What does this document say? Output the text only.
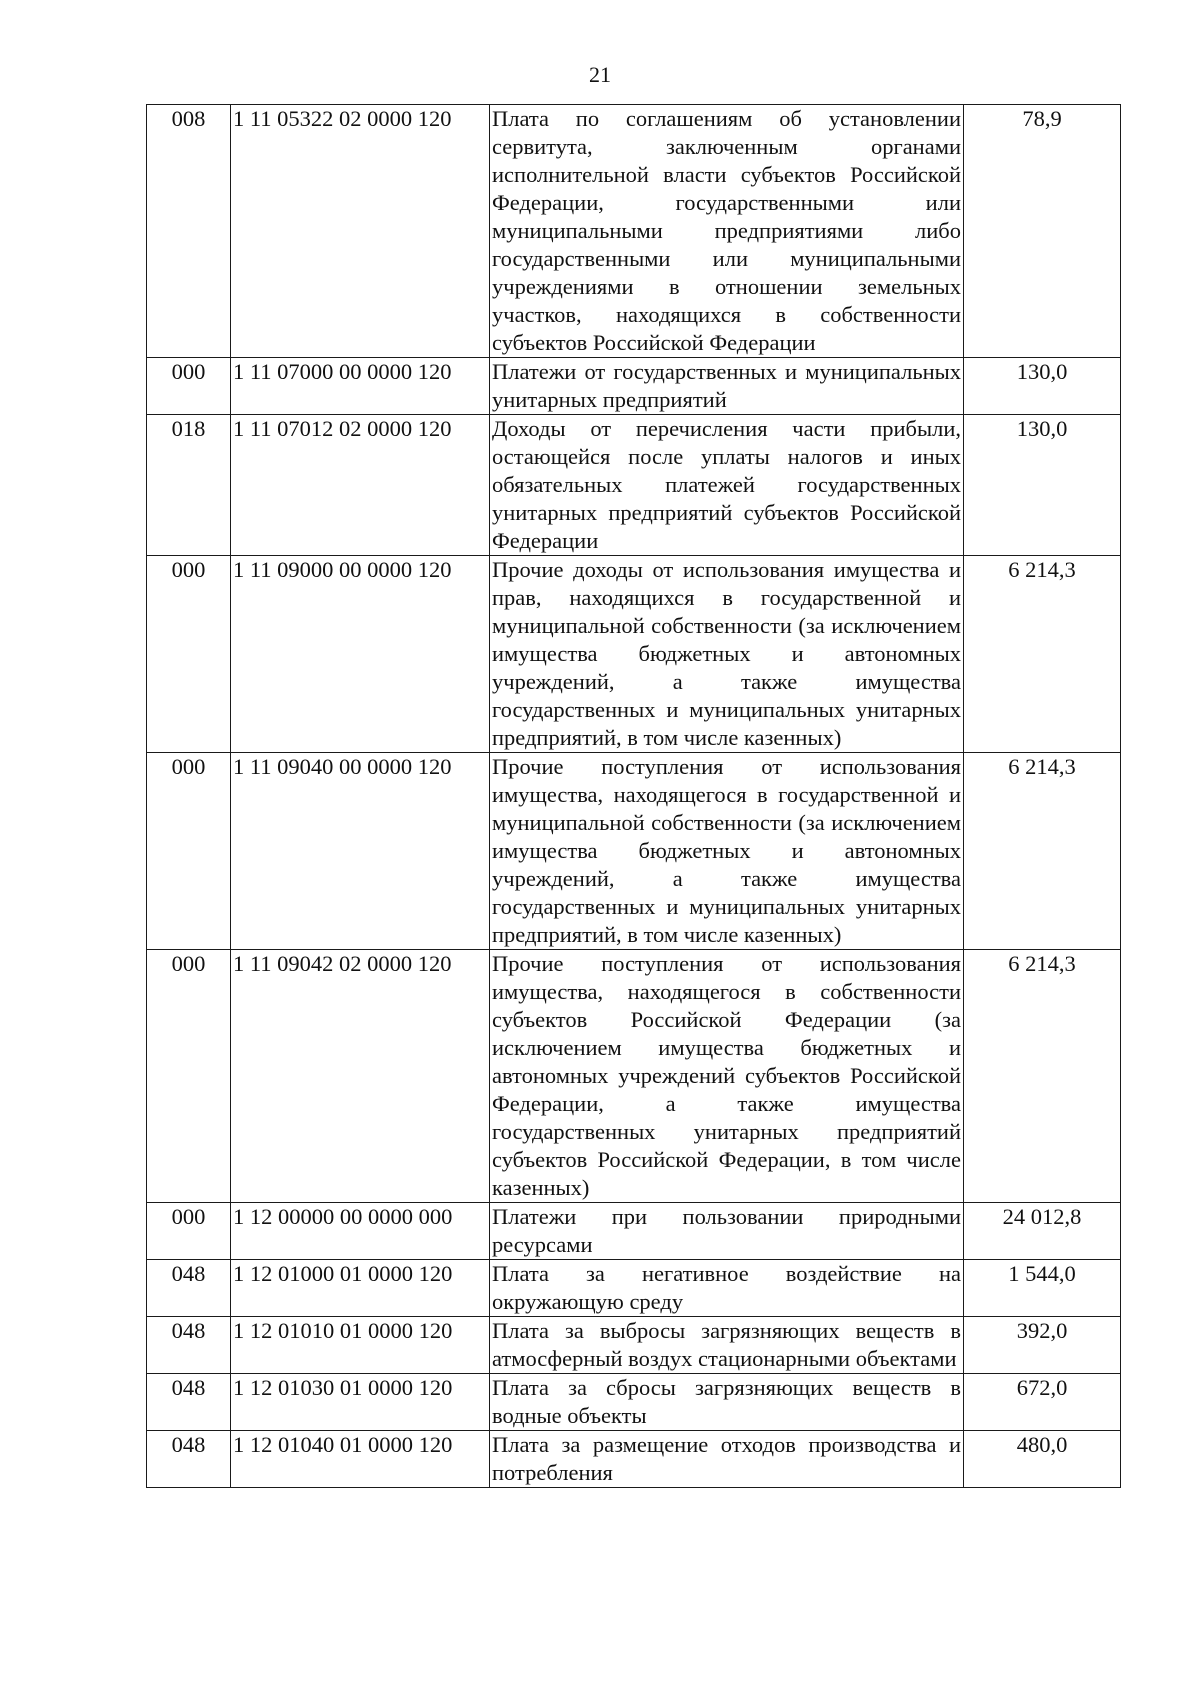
21
008	1 11 05322 02 0000 120	Плата по соглашениям об установлении сервитута, заключенным органами исполнительной власти субъектов Российской Федерации, государственными или муниципальными предприятиями либо государственными или муниципальными учреждениями в отношении земельных участков, находящихся в собственности субъектов Российской Федерации	78,9
000	1 11 07000 00 0000 120	Платежи от государственных и муниципальных унитарных предприятий	130,0
018	1 11 07012 02 0000 120	Доходы от перечисления части прибыли, остающейся после уплаты налогов и иных обязательных платежей государственных унитарных предприятий субъектов Российской Федерации	130,0
000	1 11 09000 00 0000 120	Прочие доходы от использования имущества и прав, находящихся в государственной и муниципальной собственности (за исключением имущества бюджетных и автономных учреждений, а также имущества государственных и муниципальных унитарных предприятий, в том числе казенных)	6 214,3
000	1 11 09040 00 0000 120	Прочие поступления от использования имущества, находящегося в государственной и муниципальной собственности (за исключением имущества бюджетных и автономных учреждений, а также имущества государственных и муниципальных унитарных предприятий, в том числе казенных)	6 214,3
000	1 11 09042 02 0000 120	Прочие поступления от использования имущества, находящегося в собственности субъектов Российской Федерации (за исключением имущества бюджетных и автономных учреждений субъектов Российской Федерации, а также имущества государственных унитарных предприятий субъектов Российской Федерации, в том числе казенных)	6 214,3
000	1 12 00000 00 0000 000	Платежи при пользовании природными ресурсами	24 012,8
048	1 12 01000 01 0000 120	Плата за негативное воздействие на окружающую среду	1 544,0
048	1 12 01010 01 0000 120	Плата за выбросы загрязняющих веществ в атмосферный воздух стационарными объектами	392,0
048	1 12 01030 01 0000 120	Плата за сбросы загрязняющих веществ в водные объекты	672,0
048	1 12 01040 01 0000 120	Плата за размещение отходов производства и потребления	480,0
